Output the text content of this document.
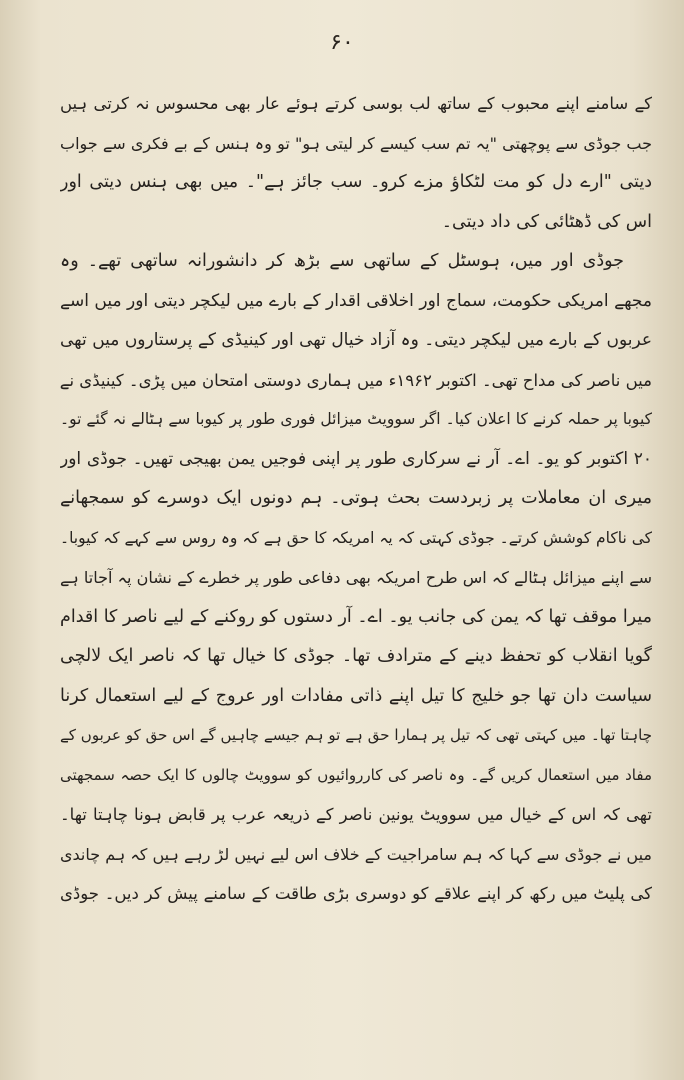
۶۰
کے سامنے اپنے محبوب کے ساتھ لب بوسی کرتے ہوئے عار بھی محسوس نہ کرتی ہیں
جب جوڈی سے پوچھتی "یہ تم سب کیسے کر لیتی ہو" تو وہ ہنس کے بے فکری سے جواب
دیتی "ارے دل کو مت لٹکاؤ مزے کرو۔ سب جائز ہے"۔ میں بھی ہنس دیتی اور
اس کی ڈھٹائی کی داد دیتی۔
جوڈی اور میں، ہوسٹل کے ساتھی سے بڑھ کر دانشورانہ ساتھی تھے۔ وہ
مجھے امریکی حکومت، سماج اور اخلاقی اقدار کے بارے میں لیکچر دیتی اور میں اسے
عربوں کے بارے میں لیکچر دیتی۔ وہ آزاد خیال تھی اور کینیڈی کے پرستاروں میں تھی
میں ناصر کی مداح تھی۔ اکتوبر ۱۹۶۲ء میں ہماری دوستی امتحان میں پڑی۔ کینیڈی نے
کیوبا پر حملہ کرنے کا اعلان کیا۔ اگر سوویٹ میزائل فوری طور پر کیوبا سے ہٹالے نہ گئے تو۔
۲۰ اکتوبر کو یو۔ اے۔ آر نے سرکاری طور پر اپنی فوجیں یمن بھیجی تھیں۔ جوڈی اور
میری ان معاملات پر زبردست بحث ہوتی۔ ہم دونوں ایک دوسرے کو سمجھانے
کی ناکام کوشش کرتے۔ جوڈی کہتی کہ یہ امریکہ کا حق ہے کہ وہ روس سے کہے کہ کیوبا۔
سے اپنے میزائل ہٹالے کہ اس طرح امریکہ بھی دفاعی طور پر خطرے کے نشان پہ آجاتا ہے
میرا موقف تھا کہ یمن کی جانب یو۔ اے۔ آر دستوں کو روکنے کے لیے ناصر کا اقدام
گویا انقلاب کو تحفظ دینے کے مترادف تھا۔ جوڈی کا خیال تھا کہ ناصر ایک لالچی
سیاست دان تھا جو خلیج کا تیل اپنے ذاتی مفادات اور عروج کے لیے استعمال کرنا
چاہتا تھا۔ میں کہتی تھی کہ تیل پر ہمارا حق ہے تو ہم جیسے چاہیں گے اس حق کو عربوں کے
مفاد میں استعمال کریں گے۔ وہ ناصر کی کارروائیوں کو سوویٹ چالوں کا ایک حصہ سمجھتی
تھی کہ اس کے خیال میں سوویٹ یونین ناصر کے ذریعہ عرب پر قابض ہونا چاہتا تھا۔
میں نے جوڈی سے کہا کہ ہم سامراجیت کے خلاف اس لیے نہیں لڑ رہے ہیں کہ ہم چاندی
کی پلیٹ میں رکھ کر اپنے علاقے کو دوسری بڑی طاقت کے سامنے پیش کر دیں۔ جوڈی
